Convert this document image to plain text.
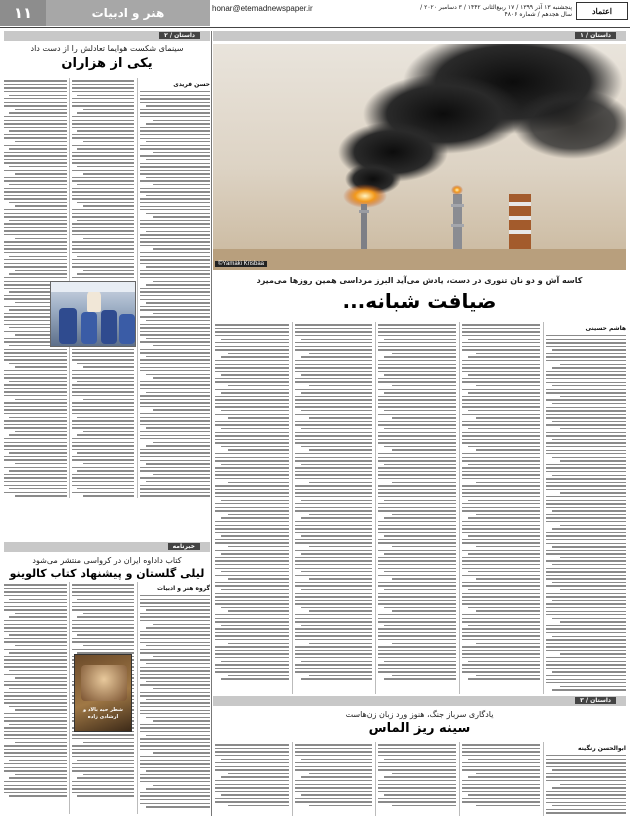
۱۱	هنر و ادبیات	honar@etemadnewspaper.ir	پنجشنبه ۱۳ آذر ۱۳۹۹ / ۱۷ ربیع‌الثانی ۱۴۴۲ / ۳ دسامبر ۲۰۲۰ / سال هجدهم / شماره ۴۸۰۶	اعتماد
داستان / ۲	داستان / ۱
سینمای شکست هوایما تعادلش را از دست داد
یکی از هزاران
حسن فریدی
خبرنامه
کتاب داداوه ایران در کرواسی منتشر می‌شود
لیلی گلستان و پیشنهاد کتاب کالوینو
گروه هنر و ادبیات
شطر حیه بالاد و ارشادی زاده
©Yamaki Krisbaa
کاسه آش و دو نان تنوری در دست، یادش می‌آید البرز مرداسی همین روزها می‌میرد
ضیافت شبانه...
هاشم حسینی
داستان / ۳
یادگاری سرباز جنگ، هنوز ورد زبان زن‌هاست
سینه ریز الماس
ابوالحسن رنگینه
